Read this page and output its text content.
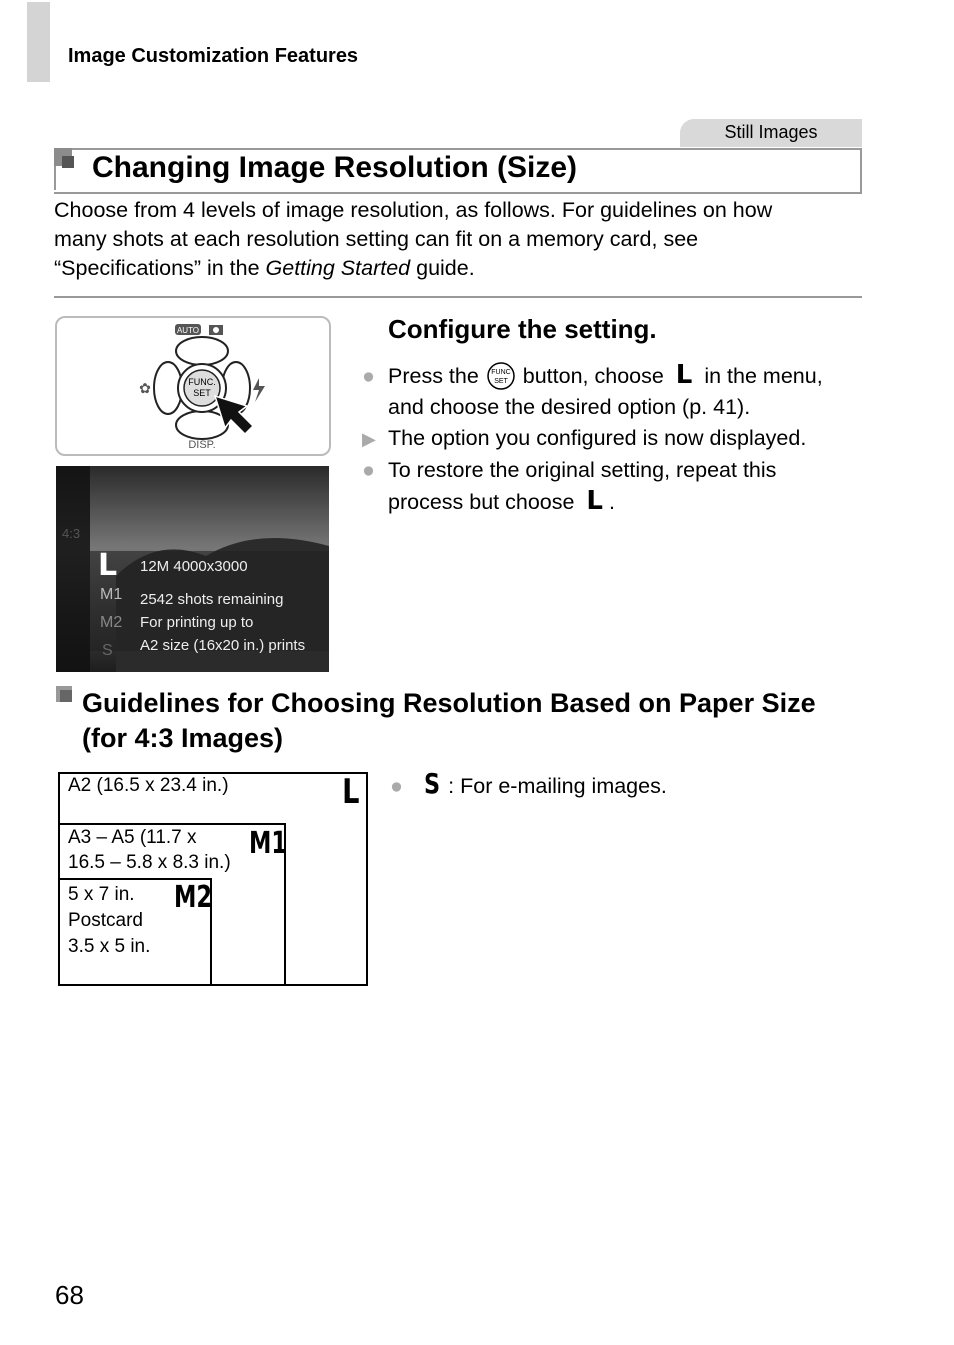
Image Customization Features
Still Images
Changing Image Resolution (Size)
Choose from 4 levels of image resolution, as follows. For guidelines on how
many shots at each resolution setting can fit on a memory card, see
“Specifications” in the Getting Started guide.
FUNC.
SET
AUTO
✿
DISP.
4:3
L
M1
M2
S
12M 4000x3000
2542 shots remaining
For printing up to
A2 size (16x20 in.) prints
Configure the setting.
● Press the FUNC
SET button, choose L in the menu,
and choose the desired option (p. 41).
▶ The option you configured is now displayed.
● To restore the original setting, repeat this
process but choose L .
Guidelines for Choosing Resolution Based on Paper Size
(for 4:3 Images)
A2 (16.5 x 23.4 in.)	L
A3 – A5 (11.7 x
16.5 – 5.8 x 8.3 in.)
M1
5 x 7 in.
Postcard
3.5 x 5 in.
M2
● S : For e-mailing images.
68
